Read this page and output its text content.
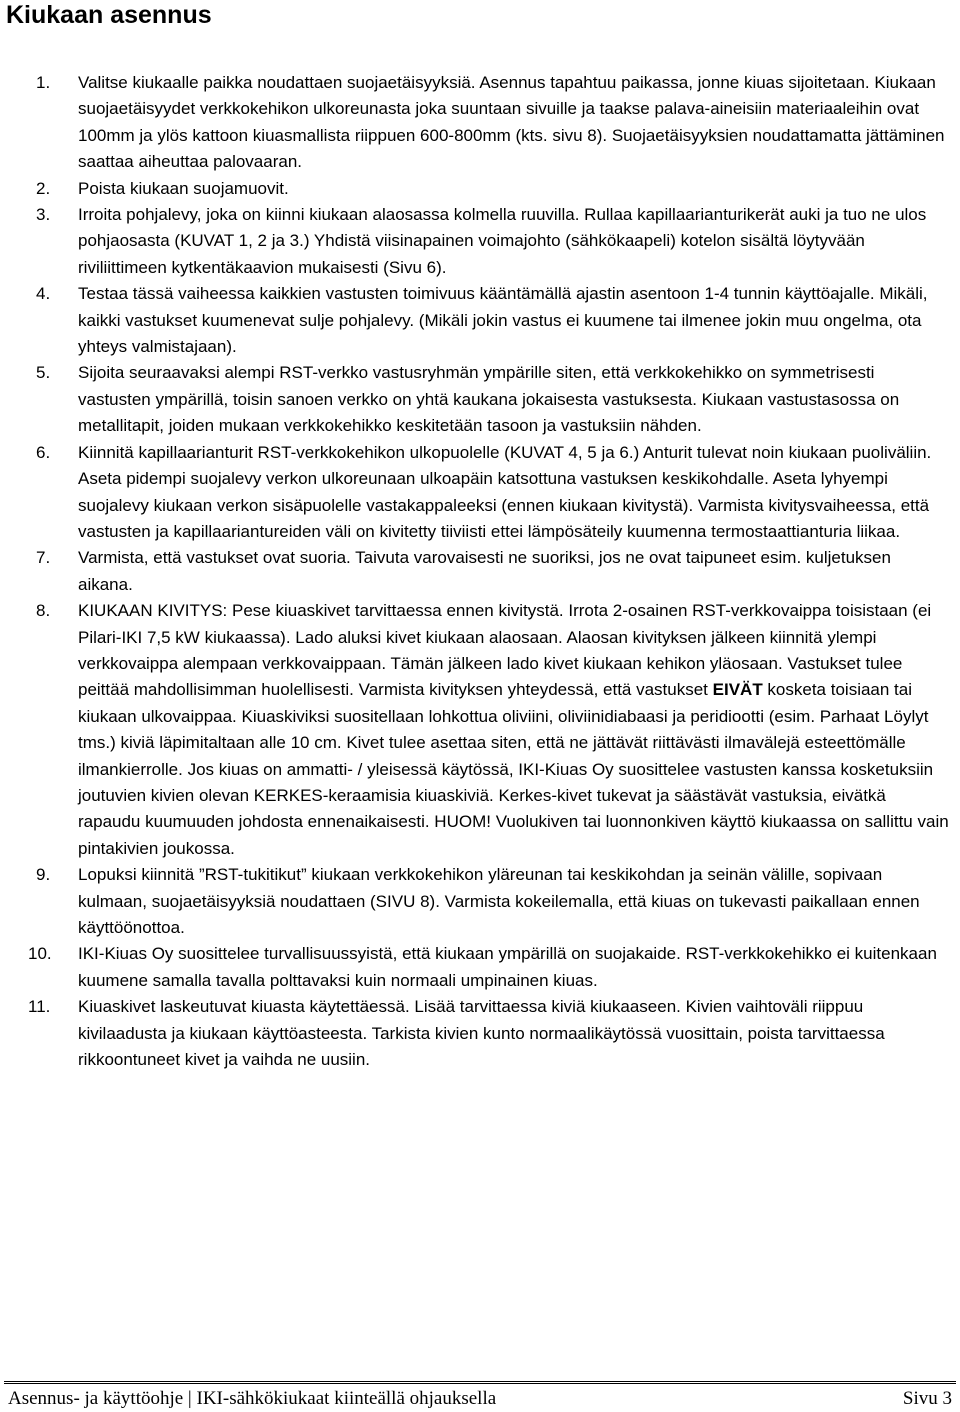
Kiukaan asennus
1.	Valitse kiukaalle paikka noudattaen suojaetäisyyksiä. Asennus tapahtuu paikassa, jonne kiuas sijoitetaan. Kiukaan suojaetäisyydet verkkokehikon ulkoreunasta joka suuntaan sivuille ja taakse palava-aineisiin materiaaleihin ovat 100mm ja ylös kattoon kiuasmallista riippuen 600-800mm (kts. sivu 8). Suojaetäisyyksien noudattamatta jättäminen saattaa aiheuttaa palovaaran.
2.	Poista kiukaan suojamuovit.
3.	Irroita pohjalevy, joka on kiinni kiukaan alaosassa kolmella ruuvilla. Rullaa kapillaarianturikerät auki ja tuo ne ulos pohjaosasta (KUVAT 1, 2 ja 3.) Yhdistä viisinapainen voimajohto (sähkökaapeli) kotelon sisältä löytyvään riviliittimeen kytkentäkaavion mukaisesti (Sivu 6).
4.	Testaa tässä vaiheessa kaikkien vastusten toimivuus kääntämällä ajastin asentoon 1-4 tunnin käyttöajalle. Mikäli, kaikki vastukset kuumenevat sulje pohjalevy. (Mikäli jokin vastus ei kuumene tai ilmenee jokin muu ongelma, ota yhteys valmistajaan).
5.	Sijoita seuraavaksi alempi RST-verkko vastusryhmän ympärille siten, että verkkokehikko on symmetrisesti vastusten ympärillä, toisin sanoen verkko on yhtä kaukana jokaisesta vastuksesta. Kiukaan vastustasossa on metallitapit, joiden mukaan verkkokehikko keskitetään tasoon ja vastuksiin nähden.
6.	Kiinnitä kapillaarianturit RST-verkkokehikon ulkopuolelle (KUVAT 4, 5 ja 6.) Anturit tulevat noin kiukaan puoliväliin. Aseta pidempi suojalevy verkon ulkoreunaan ulkoapäin katsottuna vastuksen keskikohdalle. Aseta lyhyempi suojalevy kiukaan verkon sisäpuolelle vastakappaleeksi (ennen kiukaan kivitystä). Varmista kivitysvaiheessa, että vastusten ja kapillaariantureiden väli on kivitetty tiiviisti ettei lämpösäteily kuumenna termostaattianturia liikaa.
7.	Varmista, että vastukset ovat suoria. Taivuta varovaisesti ne suoriksi, jos ne ovat taipuneet esim. kuljetuksen aikana.
8.	KIUKAAN KIVITYS: Pese kiuaskivet tarvittaessa ennen kivitystä. Irrota 2-osainen RST-verkkovaippa toisistaan (ei Pilari-IKI 7,5 kW kiukaassa). Lado aluksi kivet kiukaan alaosaan. Alaosan kivityksen jälkeen kiinnitä ylempi verkkovaippa alempaan verkkovaippaan. Tämän jälkeen lado kivet kiukaan kehikon yläosaan. Vastukset tulee peittää mahdollisimman huolellisesti. Varmista kivityksen yhteydessä, että vastukset EIVÄT kosketa toisiaan tai kiukaan ulkovaippaa. Kiuaskiviksi suositellaan lohkottua oliviini, oliviinidiabaasi ja peridiootti (esim. Parhaat Löylyt tms.) kiviä läpimitaltaan alle 10 cm. Kivet tulee asettaa siten, että ne jättävät riittävästi ilmavälejä esteettömälle ilmankierrolle. Jos kiuas on ammatti- / yleisessä käytössä, IKI-Kiuas Oy suosittelee vastusten kanssa kosketuksiin joutuvien kivien olevan KERKES-keraamisia kiuaskiviä. Kerkes-kivet tukevat ja säästävät vastuksia, eivätkä rapaudu kuumuuden johdosta ennenaikaisesti. HUOM! Vuolukiven tai luonnonkiven käyttö kiukaassa on sallittu vain pintakivien joukossa.
9.	Lopuksi kiinnitä ”RST-tukitikut” kiukaan verkkokehikon yläreunan tai keskikohdan ja seinän välille, sopivaan kulmaan, suojaetäisyyksiä noudattaen (SIVU 8). Varmista kokeilemalla, että kiuas on tukevasti paikallaan ennen käyttöönottoa.
10.	IKI-Kiuas Oy suosittelee turvallisuussyistä, että kiukaan ympärillä on suojakaide. RST-verkkokehikko ei kuitenkaan kuumene samalla tavalla polttavaksi kuin normaali umpinainen kiuas.
11.	Kiuaskivet laskeutuvat kiuasta käytettäessä. Lisää tarvittaessa kiviä kiukaaseen. Kivien vaihtoväli riippuu kivilaadusta ja kiukaan käyttöasteesta. Tarkista kivien kunto normaalikäytössä vuosittain, poista tarvittaessa rikkoontuneet kivet ja vaihda ne uusiin.
Asennus- ja käyttöohje | IKI-sähkökiukaat kiinteällä ohjauksella	Sivu 3
